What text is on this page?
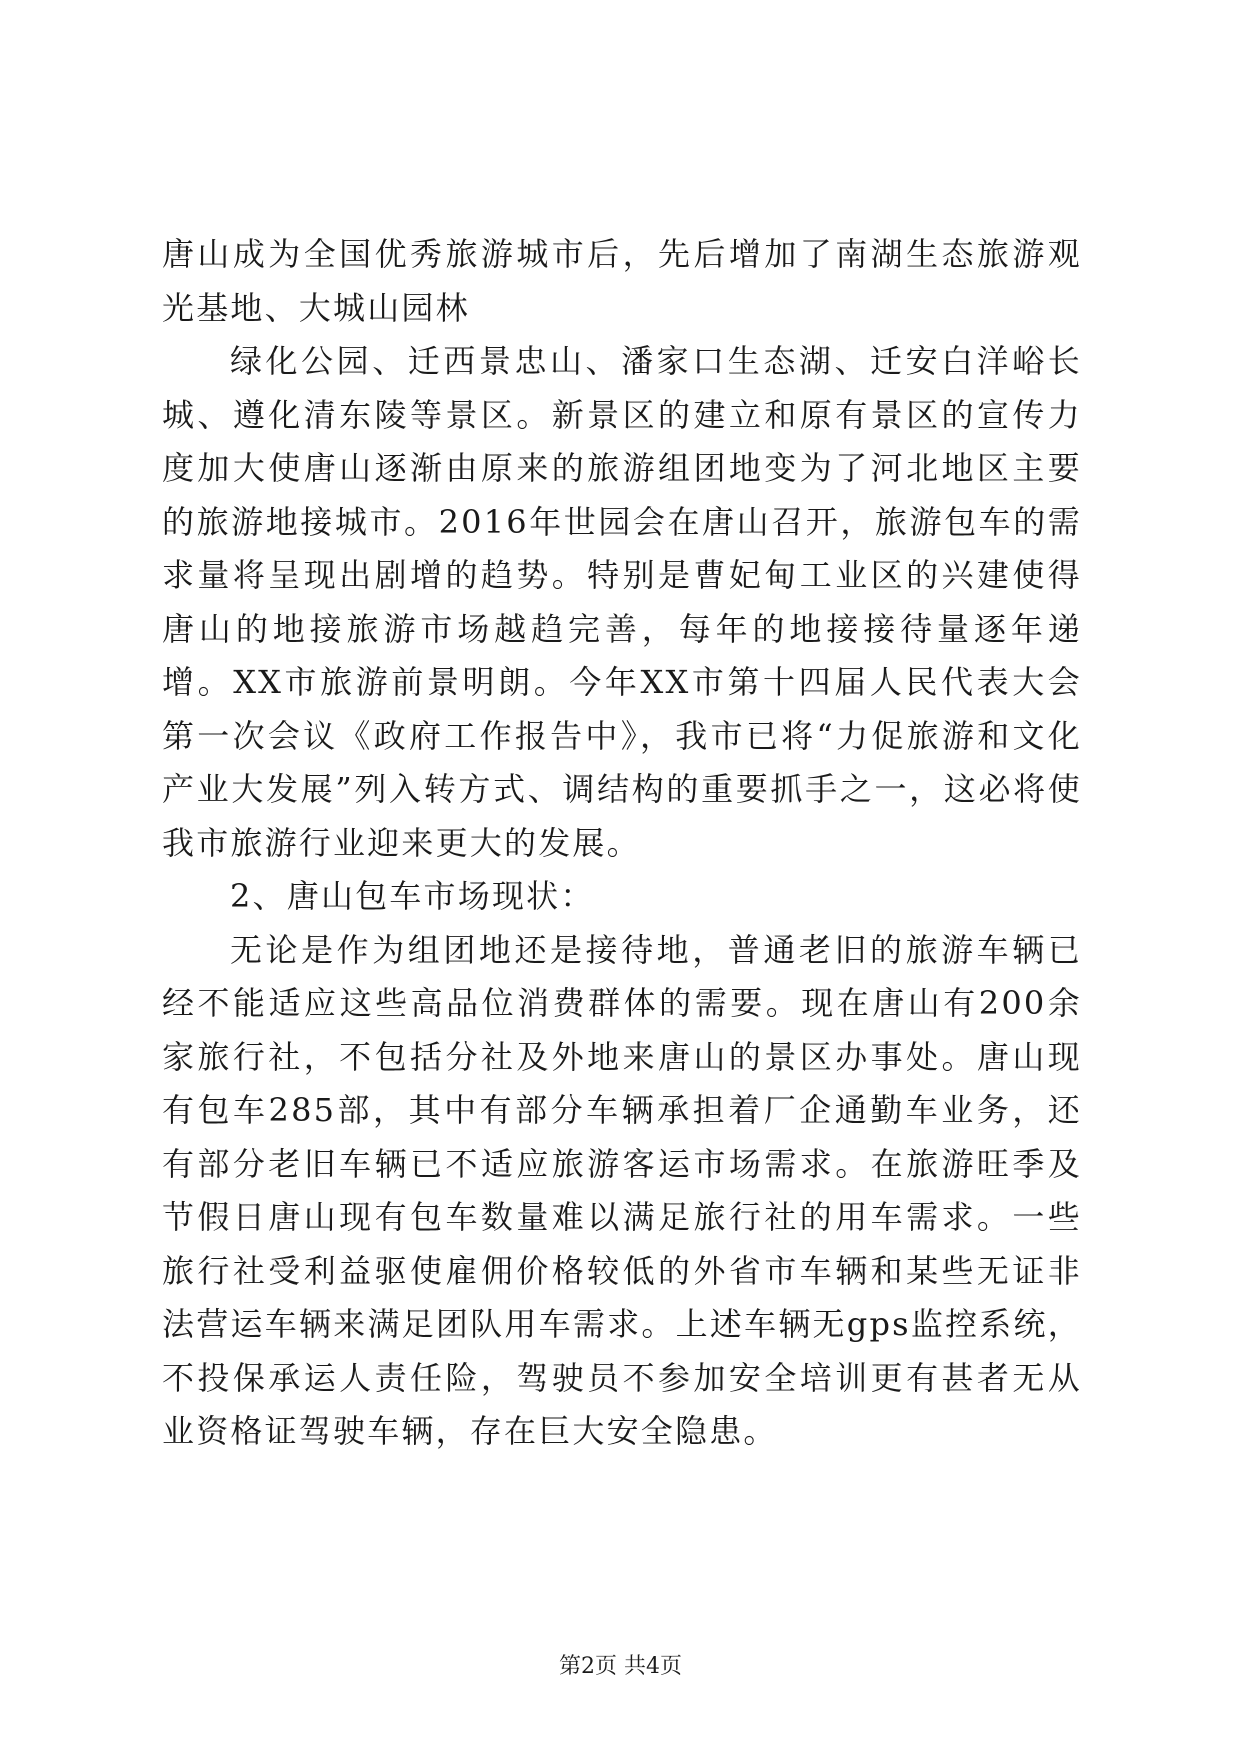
唐山成为全国优秀旅游城市后，先后增加了南湖生态旅游观光基地、大城山园林

绿化公园、迁西景忠山、潘家口生态湖、迁安白洋峪长城、遵化清东陵等景区。新景区的建立和原有景区的宣传力度加大使唐山逐渐由原来的旅游组团地变为了河北地区主要的旅游地接城市。2016年世园会在唐山召开，旅游包车的需求量将呈现出剧增的趋势。特别是曹妃甸工业区的兴建使得唐山的地接旅游市场越趋完善，每年的地接接待量逐年递增。XX市旅游前景明朗。今年XX市第十四届人民代表大会第一次会议《政府工作报告中》，我市已将“力促旅游和文化产业大发展”列入转方式、调结构的重要抓手之一，这必将使我市旅游行业迎来更大的发展。

2、唐山包车市场现状：

无论是作为组团地还是接待地，普通老旧的旅游车辆已经不能适应这些高品位消费群体的需要。现在唐山有200余家旅行社，不包括分社及外地来唐山的景区办事处。唐山现有包车285部，其中有部分车辆承担着厂企通勤车业务，还有部分老旧车辆已不适应旅游客运市场需求。在旅游旺季及节假日唐山现有包车数量难以满足旅行社的用车需求。一些旅行社受利益驱使雇佣价格较低的外省市车辆和某些无证非法营运车辆来满足团队用车需求。上述车辆无gps监控系统，不投保承运人责任险，驾驶员不参加安全培训更有甚者无从业资格证驾驶车辆，存在巨大安全隐患。

第2页 共4页
